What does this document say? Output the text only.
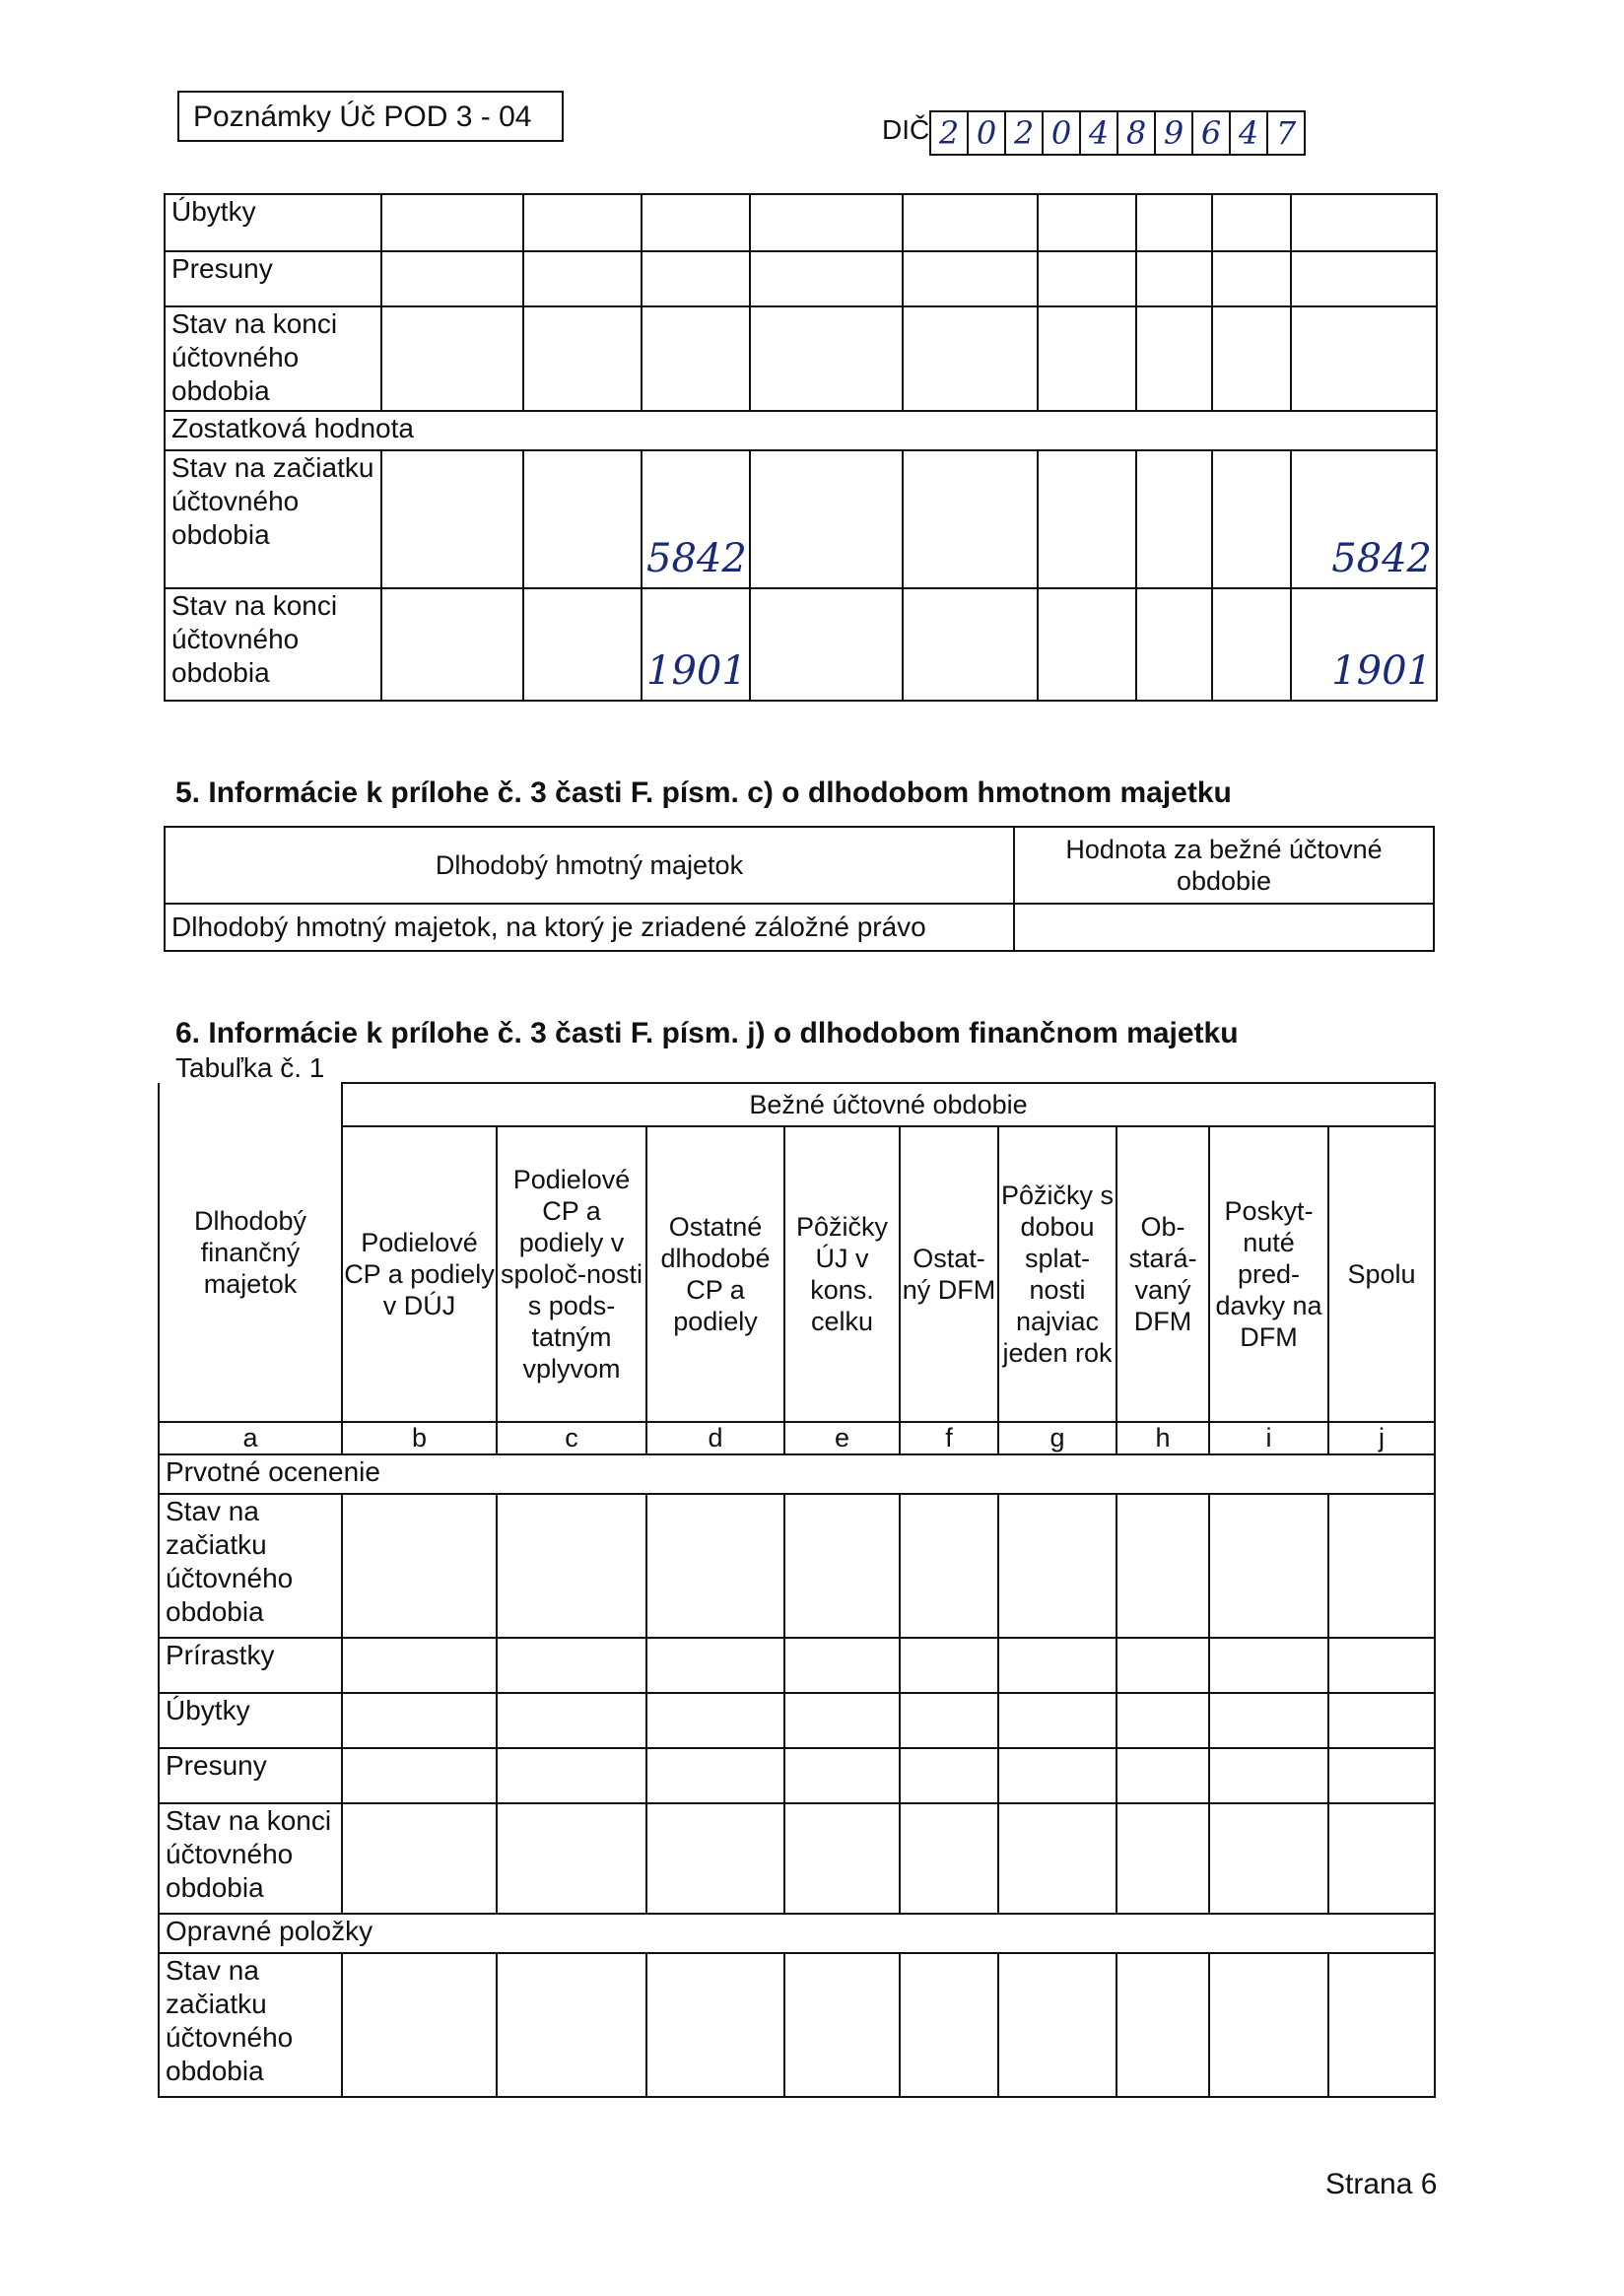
Poznámky Úč POD 3 - 04	DIČ 2 0 2 0 4 8 9 6 4 7
Úbytky									
Presuny									
Stav na konci účtovného obdobia									
Zostatková hodnota									
Stav na začiatku účtovného obdobia			5842						5842
Stav na konci účtovného obdobia			1901						1901
5. Informácie k prílohe č. 3 časti F. písm. c) o dlhodobom hmotnom majetku
Dlhodobý hmotný majetok	Hodnota za bežné účtovné obdobie
Dlhodobý hmotný majetok, na ktorý je zriadené záložné právo	
6. Informácie k prílohe č. 3 časti F. písm. j) o dlhodobom finančnom majetku
Tabuľka č. 1
Dlhodobý finančný majetok	Bežné účtovné obdobie								
	Podielové CP a podiely v DÚJ	Podielové CP a podiely v spoloč-nosti s pods-tatným vplyvom	Ostatné dlhodobé CP a podiely	Pôžičky ÚJ v kons. celku	Ostat-ný DFM	Pôžičky s dobou splat-nosti najviac jeden rok	Ob-stará-vaný DFM	Poskyt-nuté pred-davky na DFM	Spolu
a	b	c	d	e	f	g	h	i	j
Prvotné ocenenie									
Stav na začiatku účtovného obdobia									
Prírastky									
Úbytky									
Presuny									
Stav na konci účtovného obdobia									
Opravné položky									
Stav na začiatku účtovného obdobia									
Strana 6
